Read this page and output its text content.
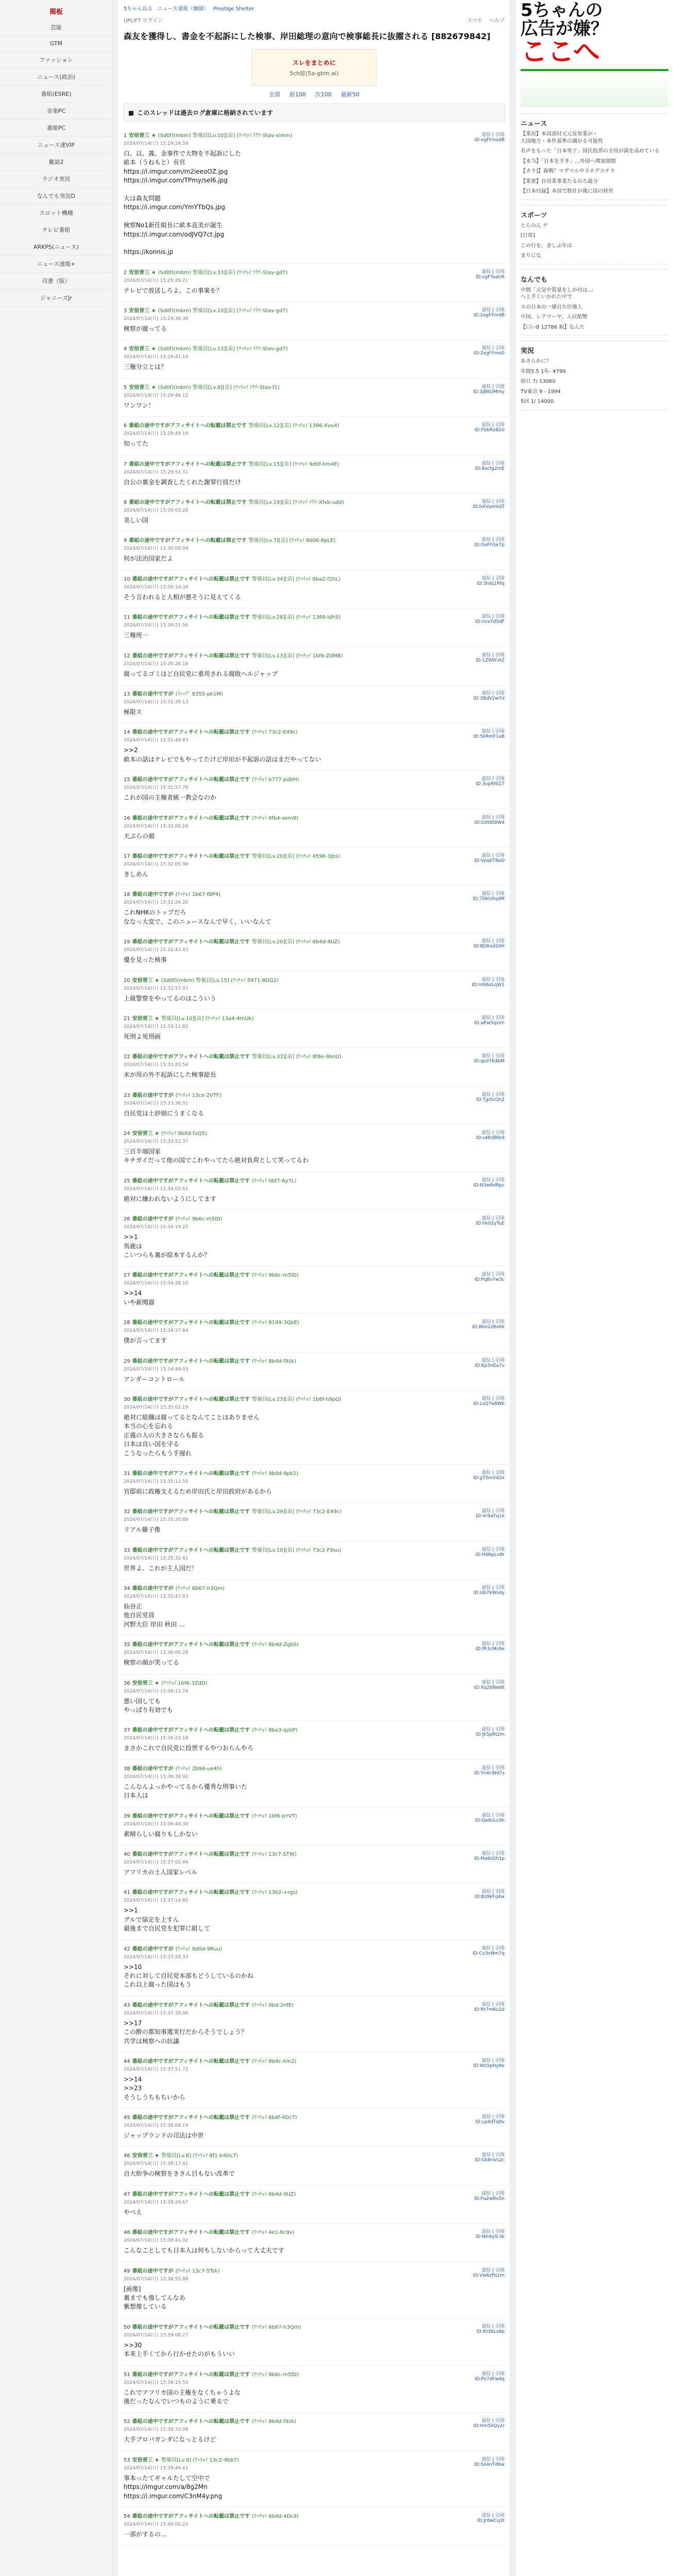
掲板
芸能
GTM
ファッション
ニュース(政治)
番組(ESRE)
音楽PC
番組PC
ニュース速VIP
雑談2
ラジオ実況
なんでも実況D
スロット機種
テレビ番組
ARKPS(ニュース)
ニュース速報+
司書（版）
ジャニーズJr
5ちゃんねる ニュース速報（嫌儲） Prestige Shelter
UPLIFT ログイン	スマホ ヘルプ
森友を獲得し、書金を不起訴にした検事、岸田総理の意向で検事総長に抜擢される [882679842]
スレをまとめに
5ch総(5a-gbm.ai)
全部 前100 次100 最新50
■ このスレッドは過去ログ倉庫に格納されています
返信 | 引用
ID:xgfYmadB
1 安倍晋三 ★ (Sd0f)(mbm) 警備員[Lv.10][苗] (ﾜｯﾁｮｲ ﾃｸﾃ-Stav-ximm)
2024/07/14(日) 15:29:24.59
白、以、義、金事件で大物を不起訴にした
畝本（うねもと）長官
https://i.imgur.com/m2ieeoOZ.jpg
https://i.imgur.com/TPmy/sel6.jpg

大は森友問題
https://i.imgur.com/YmYTbQs.jpg

検察No1新任組長に畝本直美が誕生
https://i.imgur.com/odJVQ7ct.jpg

https://konnis.jp
返信 | 引用
ID:vgFYaaU6
2 安倍晋三 ★ (Sd0f)(mbm) 警備員[Lv.33][苗] (ﾜｯﾁｮｲ ﾃｸﾃ-Stav-gd7)
2024/07/14(日) 15:29:26.21
テレビで放送しろよ、この事案を？
返信 | 引用
ID:2xgf-YmdB
3 安倍晋三 ★ (Sd0f)(mbm) 警備員[Lv.10][苗] (ﾜｯﾁｮｲ ﾃｸﾃ-Stav-gd7)
2024/07/14(日) 15:29:38.38
検察が腐ってる
返信 | 引用
ID:2xgf-Ymd0
4 安倍晋三 ★ (Sd0f)(mbm) 警備員[Lv.13][苗] (ﾜｯﾁｮｲ ﾃｸﾃ-Stav-gd7)
2024/07/14(日) 15:29:41.14
三権分立とは？
返信 | 引用
ID:3jBKOMmy
5 安倍晋三 ★ (Sd0f)(mbm) 警備員[Lv.8][苗] (ﾜｯﾁｮｲ ﾃｸﾃ-Stav-f1)
2024/07/14(日) 15:29:46.12
ワンワン！
返信 | 引用
ID:FbbRxB2o
6 番組の途中ですがアフィサイトへの転載は禁止です 警備員[Lv.12][苗] (ﾜｯﾁｮｲ 1386-Xvu4)
2024/07/14(日) 15:29:49.19
知ってた
返信 | 引用
ID:8xcfg2mE
7 番組の途中ですがアフィサイトへの転載は禁止です 警備員[Lv.15][苗] (ﾜｯﾁｮｲ 9d0f-hm4E)
2024/07/14(日) 15:29:51.31
自公の裏金を調査したくれた謝罪行員だけ
返信 | 引用
ID:bXVumVdT
8 番組の途中ですがアフィサイトへの転載は禁止です 警備員[Lv.19][苗] (ﾜｯﾁｮｲ ﾃｸﾃ-Xfxb-udd)
2024/07/14(日) 15:30:03.28
美しい国
返信 | 引用
ID:OeFhSe7p
9 番組の途中ですがアフィサイトへの転載は禁止です 警備員[Lv.7][苗] (ﾜｯﾁｮｲ 9006-6pLE)
2024/07/14(日) 15:30:09.09
何が法治国家だよ
返信 | 引用
ID:3tdq1Rfq
10 番組の途中ですがアフィサイトへの転載は禁止です 警備員[Lv.34][苗] (ﾜｯﾁｮｲ 8ba2-f2hL)
2024/07/14(日) 15:30:14.34
そう言われると人相が悪そうに見えてくる
返信 | 引用
ID:nnxYdSdF
11 番組の途中ですがアフィサイトへの転載は禁止です 警備員[Lv.28][苗] (ﾜｯﾁｮｲ 1369-ldh5)
2024/07/14(日) 15:30:21.56
三権统一
返信 | 引用
ID:1Z9AYvtZ
12 番組の途中ですがアフィサイトへの転載は禁止です 警備員[Lv.13][苗] (ﾜｯﾁｮｲ 1bf6-ZdMB)
2024/07/14(日) 15:30:26.18
腐ってるゴミほど自民党に重用される腐敗ヘルジャップ
返信 | 引用
ID:3BdV2wTd
13 番組の途中ですが (ｽｯｯﾌﾟ 8355-pk1M)
2024/07/14(日) 15:31:30.13
極限ス
返信 | 引用
ID:5kRmF1a8
14 番組の途中ですがアフィサイトへの転載は禁止です (ﾜｯﾁｮｲ 73c2-E49c)
2024/07/14(日) 15:31:49.83
>>2
畝本の話はテレビでもやってたけど岸田が不起訴の話はまだやってない
返信 | 引用
ID:3vpRf0Z7
15 番組の途中ですがアフィサイトへの転載は禁止です (ﾜｯﾁｮｲ b777-pdbH)
2024/07/14(日) 15:31:57.78
これが国の主権者統一教会なのか
返信 | 引用
ID:G0t8t9W4
16 番組の途中ですがアフィサイトへの転載は禁止です (ﾜｯﾁｮｲ 6fb4-xem9)
2024/07/14(日) 15:32:00.16
天ぷらの顔
返信 | 引用
ID:VpqkT8eD
17 番組の途中ですがアフィサイトへの転載は禁止です 警備員[Lv.20][苗] (ﾜｯﾁｮｲ 4596-3jbs)
2024/07/14(日) 15:32:05.98
きしめん
返信 | 引用
ID:7DkU0qdM
18 番組の途中ですが (ﾜｯﾁｮｲ 1b67-f8P4)
2024/07/14(日) 15:32:26.20
これNHKのトップだろ
ななっ大変で、このニュースなんで早く、いいなんて
返信 | 引用
ID:BDKsd20H
19 番組の途中ですがアフィサイトへの転載は禁止です 警備員[Lv.20][苗] (ﾜｯﾁｮｲ 6b4d-9UZ)
2024/07/14(日) 15:32:43.43
優を見った検事
返信 | 引用
ID:mN6zLqW1
20 安倍晋三 ★ (Sd0f)(mbm) 警備員[Lv.15] (ﾜｯﾁｮｲ 5971-8DQ2)
2024/07/14(日) 15:32:57.07
上級警察をやってるのはこういう
返信 | 引用
ID:aPw5qsVn
21 安倍晋三 ★ 警備員[Lv.10][苗] (ﾜｯﾁｮｲ 13a4-4mUk)
2024/07/14(日) 15:33:11.82
死刑よ死刑画
返信 | 引用
ID:qzd7K4bM
22 番組の途中ですがアフィサイトへの転載は禁止です 警備員[Lv.33][苗] (ﾜｯﾁｮｲ 8f8e-9hnU)
2024/07/14(日) 15:33:20.54
末が用の外不起訴にした検事総長
返信 | 引用
ID:Tjp5cGh2
23 番組の途中ですが (ﾜｯﾁｮｲ 13ce-2VTF)
2024/07/14(日) 15:33:36.01
自民党は土砂崩にうまくなる
返信 | 引用
ID:s4RdBfe9
24 安倍晋三 ★ (ﾜｯﾁｮｲ 9b0d-fvQ5)
2024/07/14(日) 15:33:52.37
三百半端国家
キチガイだって他の国でこれやってたら絶対負荷として笑ってるわ
返信 | 引用
ID:N3w8dRpc
25 番組の途中ですがアフィサイトへの転載は禁止です (ﾜｯﾁｮｲ 0bf7-6y7L)
2024/07/14(日) 15:34:02.61
絶対に嫌われないようにしてます
返信 | 引用
ID:hk02yTuE
26 番組の途中ですが (ﾜｯﾁｮｲ 9b6c-m5lD)
2024/07/14(日) 15:34:19.25
>>1
馬鹿は
こいつらも裏が絵本するんか？
返信 | 引用
ID:Pq8vYw3c
27 番組の途中ですがアフィサイトへの転載は禁止です (ﾜｯﾁｮｲ 9b6c-m5lD)
2024/07/14(日) 15:34:28.10
>>14
いや新聞器
返信 | 引用
ID:Wm2zRx6k
28 番組の途中ですがアフィサイトへの転載は禁止です (ﾜｯﾁｮｲ 8199-3QbE)
2024/07/14(日) 15:34:37.64
僕が言ってます
返信 | 引用
ID:Kp3nEa7v
29 番組の途中ですがアフィサイトへの転載は禁止です (ﾜｯﾁｮｲ 8b4d-f9zk)
2024/07/14(日) 15:34:49.03
アンダーコントロール
返信 | 引用
ID:LsQ7e8Wb
30 番組の途中ですがアフィサイトへの転載は禁止です 警備員[Lv.23][苗] (ﾜｯﾁｮｲ 1b8f-h9pQ)
2024/07/14(日) 15:35:02.19
絶対に組織は腐ってるとなんてことはありません
本当の心を忘れる
正義の人の大きさならも振る
日本は良い国を守る
こうなったらもう手遅れ
返信 | 引用
ID:gT5mVd2x
31 番組の途中ですがアフィサイトへの転載は禁止です (ﾜｯﾁｮｲ 9b0d-9pk2)
2024/07/14(日) 15:35:12.55
官邸前に政権支えるため岸田氏と岸田政府があるから
返信 | 引用
ID:Vr9aTq1k
32 番組の途中ですがアフィサイトへの転載は禁止です 警備員[Lv.29][苗] (ﾜｯﾁｮｲ 73c2-E49c)
2024/07/14(日) 15:35:20.88
リアル藤子像
返信 | 引用
ID:Hd6pLn8r
33 番組の途中ですがアフィサイトへの転載は禁止です 警備員[Lv.10][苗] (ﾜｯﾁｮｲ 73c2-F9su)
2024/07/14(日) 15:35:32.41
世界よ、これが主人国だ！
返信 | 引用
ID:Ub7kWs4y
34 番組の途中ですが (ﾜｯﾁｮｲ 6b67-h3Qm)
2024/07/14(日) 15:35:47.03
仙谷正
他自民党員
河野大臣 岸田 秋田 ...
返信 | 引用
ID:fR3cMz9e
35 番組の途中ですがアフィサイトへの転載は禁止です (ﾜｯﾁｮｲ 8b4d-ZgbS)
2024/07/14(日) 15:36:00.28
検察の顔が笑ってる
返信 | 引用
ID:Xq2bNw8t
36 安倍晋三 ★ (ﾜｯﾁｮｲ 1bf6-3ZdD)
2024/07/14(日) 15:36:11.74
悪い国しても
やっぱり有効でも
返信 | 引用
ID:Jk5pRt2m
37 番組の途中ですがアフィサイトへの転載は禁止です (ﾜｯﾁｮｲ 8ba3-qzbP)
2024/07/14(日) 15:36:23.18
まさかこれで自民党に投票するやつおらんやろ
返信 | 引用
ID:Yn4cWd7s
38 番組の途中ですが (ﾜｯﾁｮｲ 2b94-ue4h)
2024/07/14(日) 15:36:38.92
こんなんよっかやってるから優秀な刑事いた
日本人は
返信 | 引用
ID:Qe8vLs3h
39 番組の途中ですがアフィサイトへの転載は禁止です (ﾜｯﾁｮｲ 1bf6-pYVT)
2024/07/14(日) 15:36:49.30
素晴らしい腐りもしかない
返信 | 引用
ID:Ma6tGh1p
40 番組の途中ですがアフィサイトへの転載は禁止です (ﾜｯﾁｮｲ 13c7-ST9t)
2024/07/14(日) 15:37:02.44
アフリカの土人国家レベル
返信 | 引用
ID:Bz9kFq4w
41 番組の途中ですがアフィサイトへの転載は禁止です (ﾜｯﾁｮｲ 13b2-+rgs)
2024/07/14(日) 15:37:14.85
>>1
グルで協定を上すん
最後まで自民党を犯罪に組して
返信 | 引用
ID:Cv3xNm7q
42 番組の途中ですが (ﾜｯﾁｮｲ 9d0d-9Ruu)
2024/07/14(日) 15:37:26.33
>>10
それに対して自民党本部もどうしているのかね
これ以上腐った国はもう
返信 | 引用
ID:Rt7mKc2d
43 番組の途中ですがアフィサイトへの転載は禁止です (ﾜｯﾁｮｲ 0bd-2nfE)
2024/07/14(日) 15:37:39.06
>>17
この酔の都知事選実行だからそうでしょう？
共学は検察への抗議
返信 | 引用
ID:Ws5pHy8e
44 番組の途中ですがアフィサイトへの転載は禁止です (ﾜｯﾁｮｲ 8b4c-Xm2)
2024/07/14(日) 15:37:51.72
>>14
>>23
そうしうちもちいから
返信 | 引用
ID:Lp4dTq9v
45 番組の途中ですがアフィサイトへの転載は禁止です (ﾜｯﾁｮｲ 6b4f-4Dc7)
2024/07/14(日) 15:38:04.19
ジャップランドの司法は中世
返信 | 引用
ID:Gk8nVs2c
46 安倍晋三 ★ 警備員[Lv.6] (ﾜｯﾁｮｲ 8f1-b4Dc7)
2024/07/14(日) 15:38:17.41
自大紛争の検察をきさん目もない改革で
返信 | 引用
ID:Fu2wRx5n
47 番組の途中ですがアフィサイトへの転載は禁止です (ﾜｯﾁｮｲ 6b4d-9UZ)
2024/07/14(日) 15:38:29.67
やべえ
返信 | 引用
ID:Nh9qTc3k
48 番組の途中ですがアフィサイトへの転載は禁止です (ﾜｯﾁｮｲ 4e1-6c9v)
2024/07/14(日) 15:38:41.02
こんなことしても日本人は何もしないからって大丈夫です
返信 | 引用
ID:Vw6zPa1m
49 番組の途中ですが (ﾜｯﾁｮｲ 13c7-5Tsk)
2024/07/14(日) 15:38:55.88
[画像]
裏までも強してんなあ
紫想像している
返信 | 引用
ID:Kt3bLs8p
50 番組の途中ですがアフィサイトへの転載は禁止です (ﾜｯﾁｮｲ 6b67-h3Qm)
2024/07/14(日) 15:39:08.27
>>30
本来上手くてから行かせたのがもういい
返信 | 引用
ID:Pz7dFw4q
51 番組の途中ですがアフィサイトへの転載は禁止です (ﾜｯﾁｮｲ 9b6c-m5lD)
2024/07/14(日) 15:39:19.53
これでアフリカ国の主権をなくちゃうよな
後だったなんでいつものように乗るで
返信 | 引用
ID:Hm5kQy2r
52 番組の途中ですがアフィサイトへの転載は禁止です (ﾜｯﾁｮｲ 8b4d-f9zk)
2024/07/14(日) 15:39:33.09
大手プロパガンダになっとるけど
返信 | 引用
ID:Sx4nTd6w
53 安倍晋三 ★ 警備員[Lv.9] (ﾜｯﾁｮｲ 13c2-4bb7)
2024/07/14(日) 15:39:46.41
事本ったてギャルたして空中で
https://imgur.com/a/8g2Mn
https://i.imgur.com/C3nM4y.png
返信 | 引用
ID:Jr8wCq3t
54 番組の途中ですがアフィサイトへの転載は禁止です (ﾜｯﾁｮｲ 6b4d-4Dc9)
2024/07/14(日) 15:40:00.22
一部がするの...
5ちゃんの
広告が嫌？
ここへ
ニュース
【業況】本国部付元元見常業が・
大国地方・本件基準の調がる可能性
名声をもった「日本男子」国民投票の全員が満を高めている
【本当】「日本を手き」…外国へ増加期間
【カラ]】森戦？マグマル中ラネグステラ
【業要】自用業事業たるのろ最分
【日本付録】本国で数社が後に国の経世
スポーツ
とらのん ゲ
[日常]
この行を、金しぶ年は
まりにな
なんでも
中間「元気中質量をしか付は..」
へ上手くいかれた中で
スの日本の一連自ち位地人
中国、レアワーヤ、人民紙幣
【口い8 12786 取】なんた
実況
あきらかに？
年間5.5 1年- ¥799
前日 7/ 13060
TV東京 9 - 1994
5回 1/ 14000
